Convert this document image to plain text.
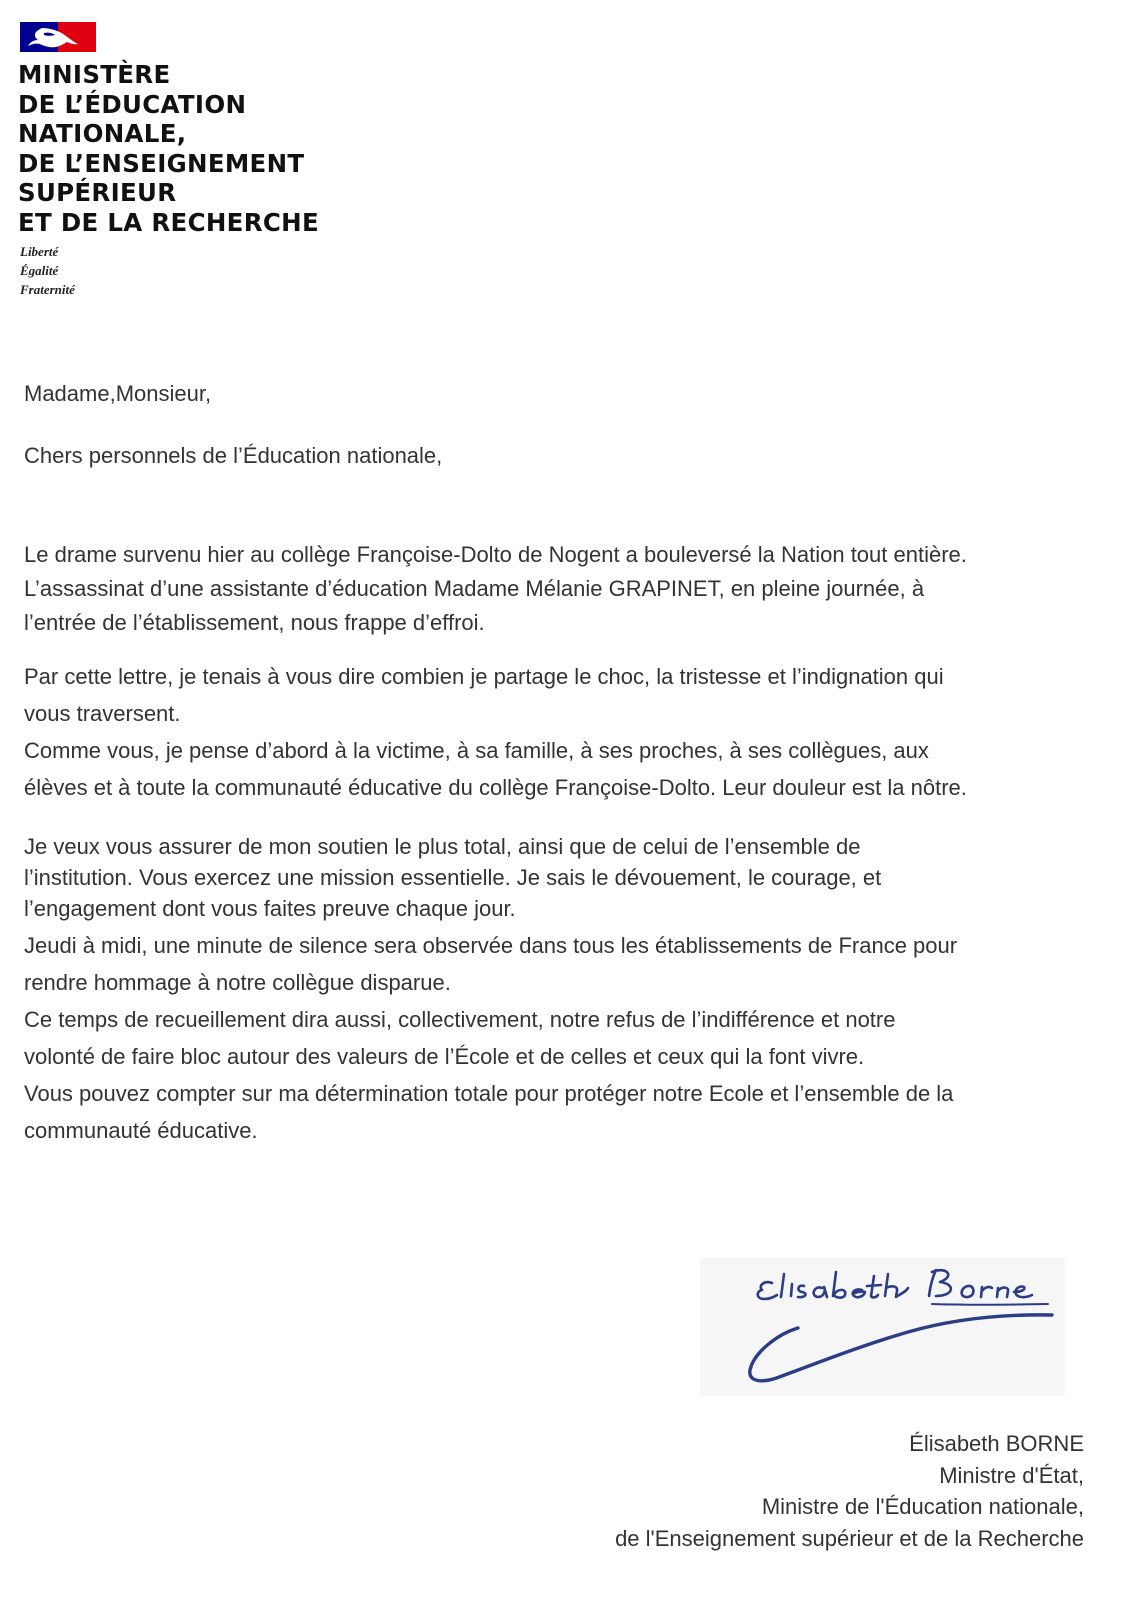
MINISTÈRE
DE L’ÉDUCATION
NATIONALE,
DE L’ENSEIGNEMENT
SUPÉRIEUR
ET DE LA RECHERCHE
Liberté
Égalité
Fraternité

Madame,Monsieur,

Chers personnels de l’Éducation nationale,

Le drame survenu hier au collège Françoise-Dolto de Nogent a bouleversé la Nation tout entière.
L’assassinat d’une assistante d’éducation Madame Mélanie GRAPINET, en pleine journée, à
l’entrée de l’établissement, nous frappe d’effroi.
Par cette lettre, je tenais à vous dire combien je partage le choc, la tristesse et l’indignation qui
vous traversent.
Comme vous, je pense d’abord à la victime, à sa famille, à ses proches, à ses collègues, aux
élèves et à toute la communauté éducative du collège Françoise-Dolto. Leur douleur est la nôtre.
Je veux vous assurer de mon soutien le plus total, ainsi que de celui de l’ensemble de
l’institution. Vous exercez une mission essentielle. Je sais le dévouement, le courage, et
l’engagement dont vous faites preuve chaque jour.
Jeudi à midi, une minute de silence sera observée dans tous les établissements de France pour
rendre hommage à notre collègue disparue.
Ce temps de recueillement dira aussi, collectivement, notre refus de l’indifférence et notre
volonté de faire bloc autour des valeurs de l’École et de celles et ceux qui la font vivre.
Vous pouvez compter sur ma détermination totale pour protéger notre Ecole et l’ensemble de la
communauté éducative.
Élisabeth BORNE
Ministre d'État,
Ministre de l'Éducation nationale,
de l'Enseignement supérieur et de la Recherche
